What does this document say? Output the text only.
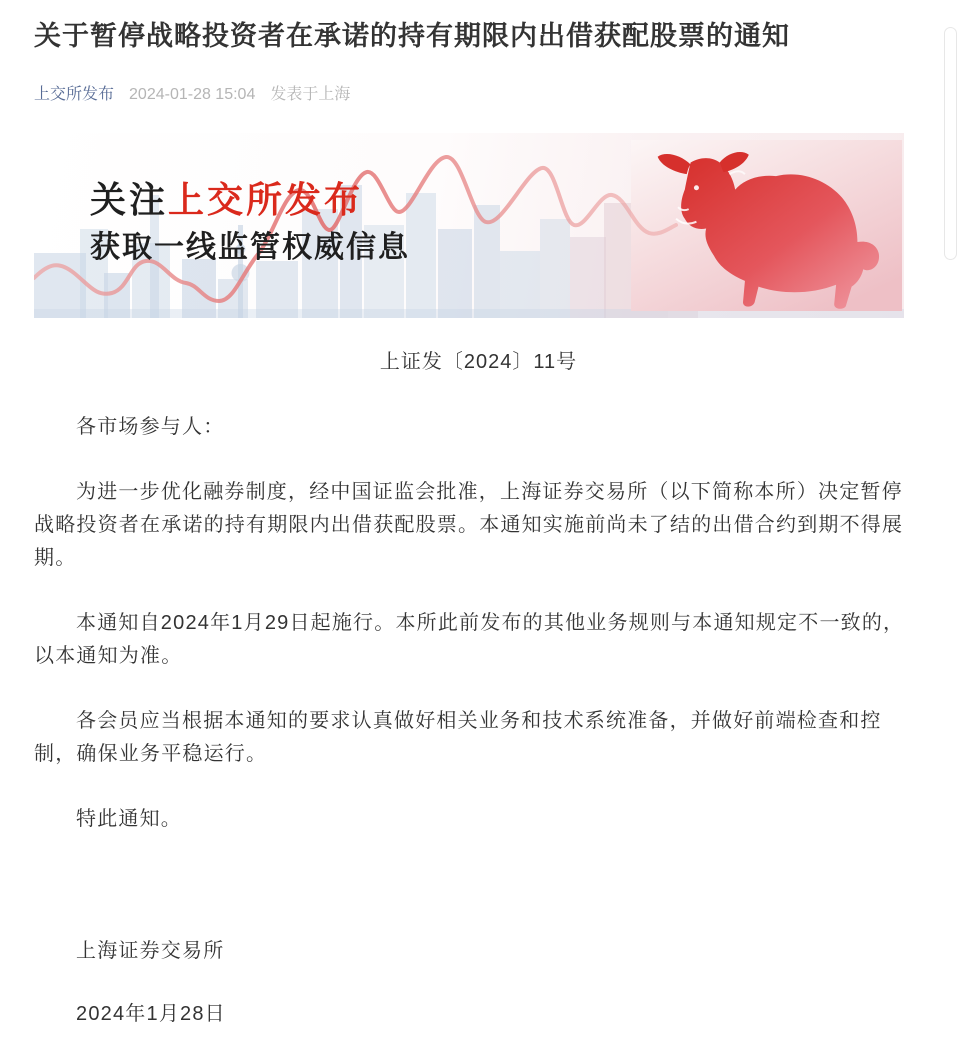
关于暂停战略投资者在承诺的持有期限内出借获配股票的通知
上交所发布 2024-01-28 15:04 发表于上海
关注上交所发布
获取一线监管权威信息

上证发〔2024〕11号

各市场参与人：

为进一步优化融券制度，经中国证监会批准，上海证券交易所（以下简称本所）决定暂停战略投资者在承诺的持有期限内出借获配股票。本通知实施前尚未了结的出借合约到期不得展期。

本通知自2024年1月29日起施行。本所此前发布的其他业务规则与本通知规定不一致的，以本通知为准。

各会员应当根据本通知的要求认真做好相关业务和技术系统准备，并做好前端检查和控制，确保业务平稳运行。

特此通知。

上海证券交易所

2024年1月28日
